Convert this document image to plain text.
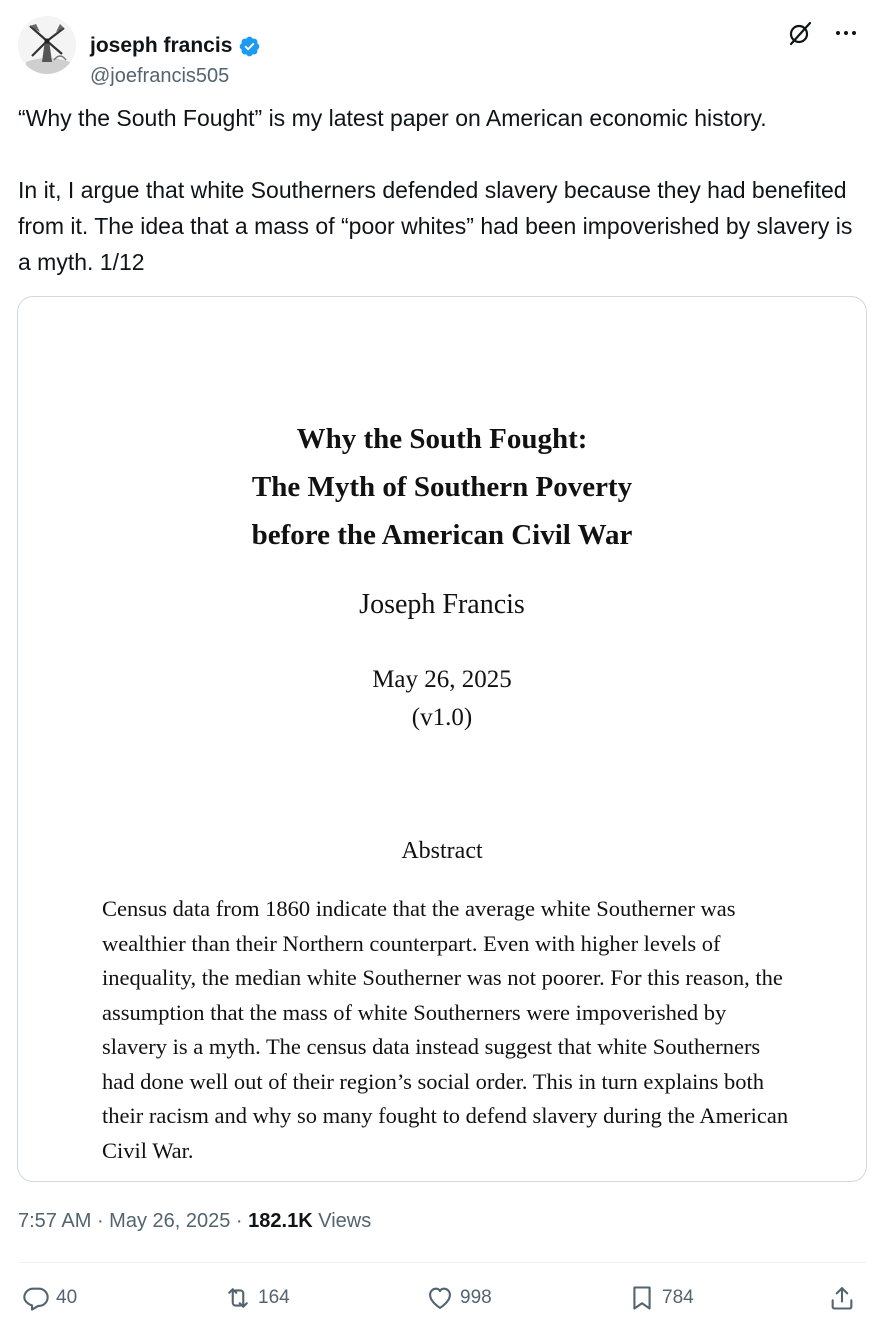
joseph francis
@joefrancis505

“Why the South Fought” is my latest paper on American economic history.

In it, I argue that white Southerners defended slavery because they had benefited from it. The idea that a mass of “poor whites” had been impoverished by slavery is a myth. 1/12

Why the South Fought:
The Myth of Southern Poverty
before the American Civil War
Joseph Francis
May 26, 2025
(v1.0)
Abstract
Census data from 1860 indicate that the average white Southerner was wealthier than their Northern counterpart. Even with higher levels of inequality, the median white Southerner was not poorer. For this reason, the assumption that the mass of white Southerners were impoverished by slavery is a myth. The census data instead suggest that white Southerners had done well out of their region’s social order. This in turn explains both their racism and why so many fought to defend slavery during the American Civil War.
7:57 AM · May 26, 2025 · 182.1K Views
40	164	998	784
